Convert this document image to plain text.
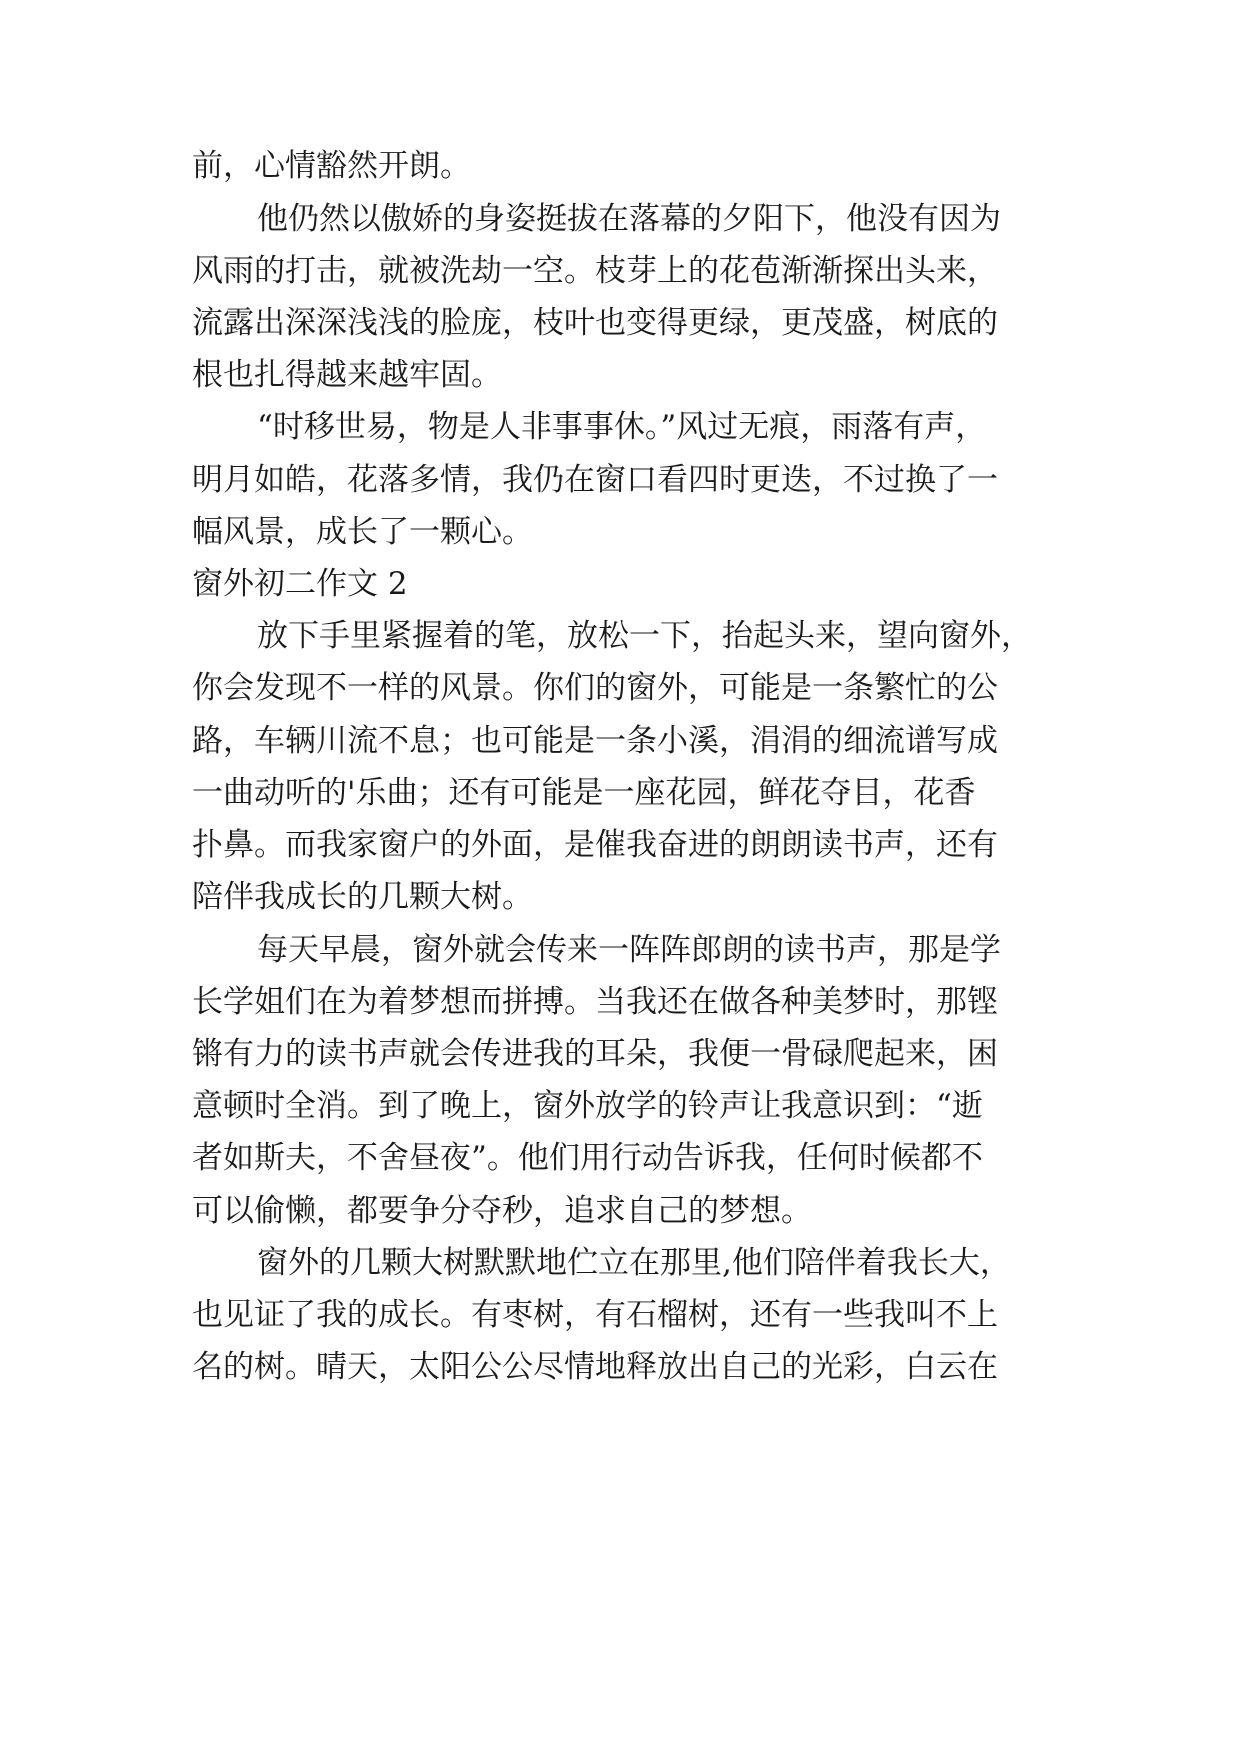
前，心情豁然开朗。
他仍然以傲娇的身姿挺拔在落幕的夕阳下，他没有因为
风雨的打击，就被洗劫一空。枝芽上的花苞渐渐探出头来，
流露出深深浅浅的脸庞，枝叶也变得更绿，更茂盛，树底的
根也扎得越来越牢固。
“时移世易，物是人非事事休。”风过无痕，雨落有声，
明月如皓，花落多情，我仍在窗口看四时更迭，不过换了一
幅风景，成长了一颗心。
窗外初二作文 2
放下手里紧握着的笔，放松一下，抬起头来，望向窗外，
你会发现不一样的风景。你们的窗外，可能是一条繁忙的公
路，车辆川流不息；也可能是一条小溪，涓涓的细流谱写成
一曲动听的'乐曲；还有可能是一座花园，鲜花夺目，花香
扑鼻。而我家窗户的外面，是催我奋进的朗朗读书声，还有
陪伴我成长的几颗大树。
每天早晨，窗外就会传来一阵阵郎朗的读书声，那是学
长学姐们在为着梦想而拼搏。当我还在做各种美梦时，那铿
锵有力的读书声就会传进我的耳朵，我便一骨碌爬起来，困
意顿时全消。到了晚上，窗外放学的铃声让我意识到：“逝
者如斯夫，不舍昼夜”。他们用行动告诉我，任何时候都不
可以偷懒，都要争分夺秒，追求自己的梦想。
窗外的几颗大树默默地伫立在那里,他们陪伴着我长大，
也见证了我的成长。有枣树，有石榴树，还有一些我叫不上
名的树。晴天，太阳公公尽情地释放出自己的光彩，白云在
